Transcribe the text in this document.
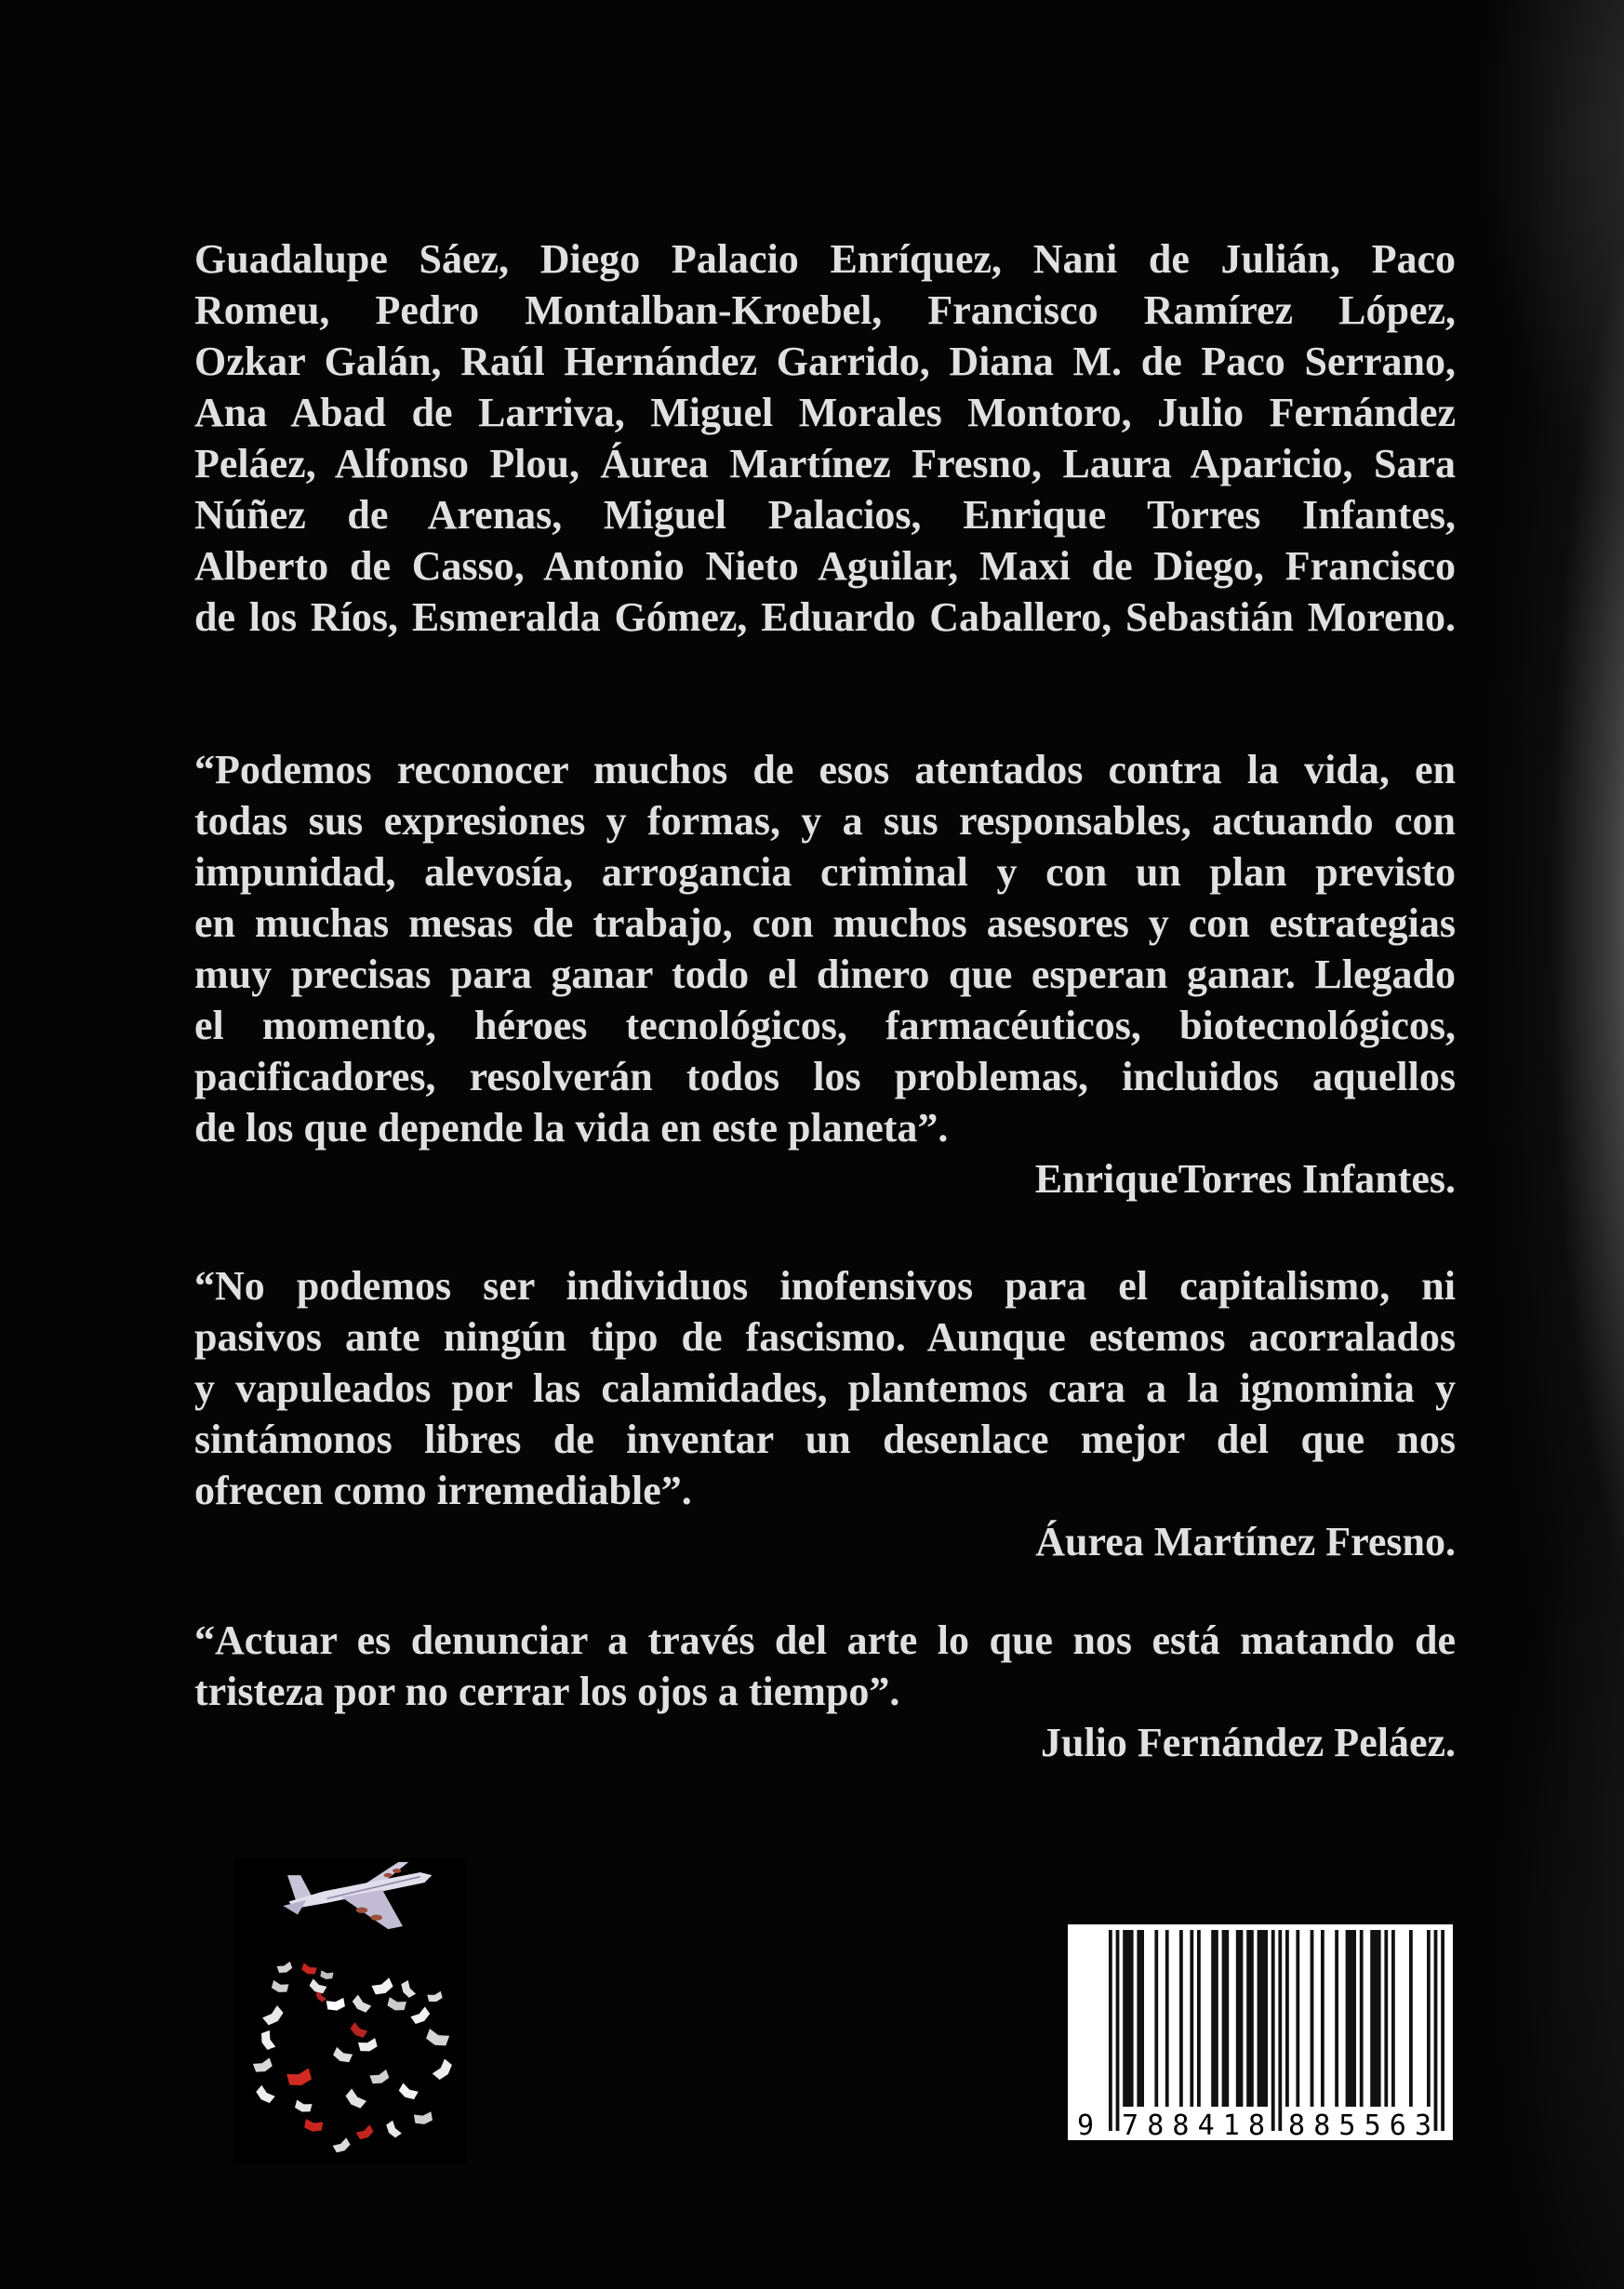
Guadalupe Sáez, Diego Palacio Enríquez, Nani de Julián, Paco
Romeu, Pedro Montalban-Kroebel, Francisco Ramírez López,
Ozkar Galán, Raúl Hernández Garrido, Diana M. de Paco Serrano,
Ana Abad de Larriva, Miguel Morales Montoro, Julio Fernández
Peláez, Alfonso Plou, Áurea Martínez Fresno, Laura Aparicio, Sara
Núñez de Arenas, Miguel Palacios, Enrique Torres Infantes,
Alberto de Casso, Antonio Nieto Aguilar, Maxi de Diego, Francisco
de los Ríos, Esmeralda Gómez, Eduardo Caballero, Sebastián Moreno.
“Podemos reconocer muchos de esos atentados contra la vida, en
todas sus expresiones y formas, y a sus responsables, actuando con
impunidad, alevosía, arrogancia criminal y con un plan previsto
en muchas mesas de trabajo, con muchos asesores y con estrategias
muy precisas para ganar todo el dinero que esperan ganar. Llegado
el momento, héroes tecnológicos, farmacéuticos, biotecnológicos,
pacificadores, resolverán todos los problemas, incluidos aquellos
de los que depende la vida en este planeta”.
EnriqueTorres Infantes.
“No podemos ser individuos inofensivos para el capitalismo, ni
pasivos ante ningún tipo de fascismo. Aunque estemos acorralados
y vapuleados por las calamidades, plantemos cara a la ignominia y
sintámonos libres de inventar un desenlace mejor del que nos
ofrecen como irremediable”.
Áurea Martínez Fresno.
“Actuar es denunciar a través del arte lo que nos está matando de
tristeza por no cerrar los ojos a tiempo”.
Julio Fernández Peláez.
9 788418 885563
